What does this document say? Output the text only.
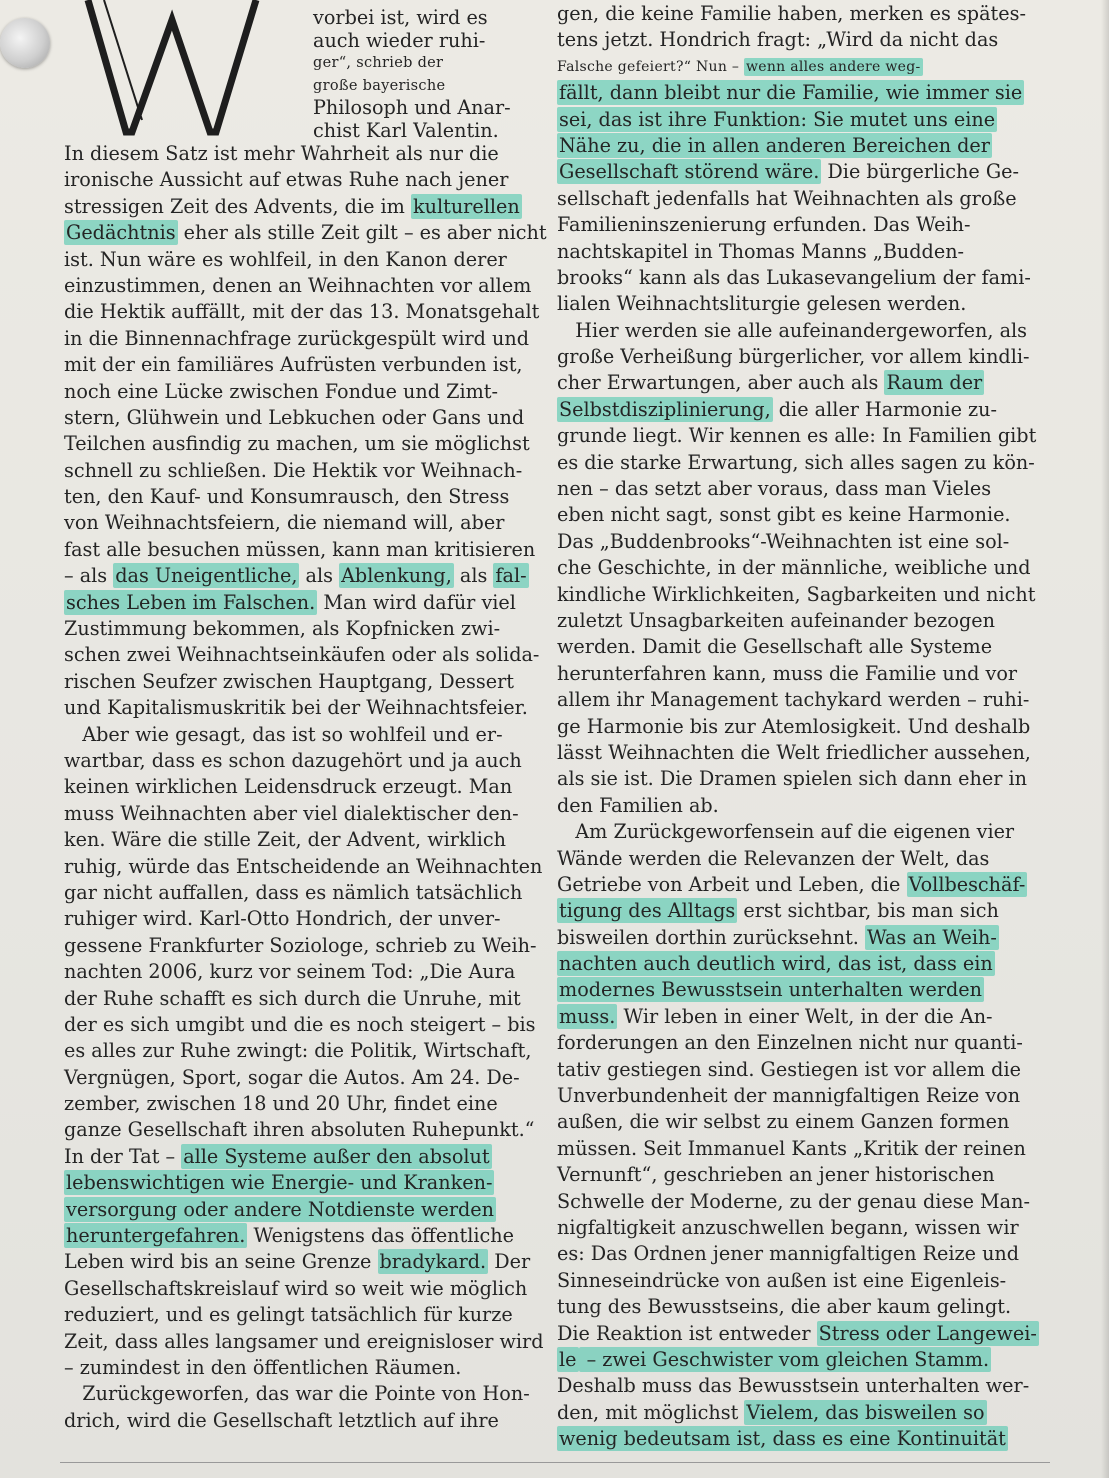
vorbei ist, wird es
auch wieder ruhi-
ger“, schrieb der
große bayerische
Philosoph und Anar-
chist Karl Valentin.
In diesem Satz ist mehr Wahrheit als nur die
ironische Aussicht auf etwas Ruhe nach jener
stressigen Zeit des Advents, die im kulturellen
Gedächtnis eher als stille Zeit gilt – es aber nicht
ist. Nun wäre es wohlfeil, in den Kanon derer
einzustimmen, denen an Weihnachten vor allem
die Hektik auffällt, mit der das 13. Monatsgehalt
in die Binnennachfrage zurückgespült wird und
mit der ein familiäres Aufrüsten verbunden ist,
noch eine Lücke zwischen Fondue und Zimt-
stern, Glühwein und Lebkuchen oder Gans und
Teilchen ausfindig zu machen, um sie möglichst
schnell zu schließen. Die Hektik vor Weihnach-
ten, den Kauf- und Konsumrausch, den Stress
von Weihnachtsfeiern, die niemand will, aber
fast alle besuchen müssen, kann man kritisieren
– als das Uneigentliche, als Ablenkung, als fal-
sches Leben im Falschen. Man wird dafür viel
Zustimmung bekommen, als Kopfnicken zwi-
schen zwei Weihnachtseinkäufen oder als solida-
rischen Seufzer zwischen Hauptgang, Dessert
und Kapitalismuskritik bei der Weihnachtsfeier.
Aber wie gesagt, das ist so wohlfeil und er-
wartbar, dass es schon dazugehört und ja auch
keinen wirklichen Leidensdruck erzeugt. Man
muss Weihnachten aber viel dialektischer den-
ken. Wäre die stille Zeit, der Advent, wirklich
ruhig, würde das Entscheidende an Weihnachten
gar nicht auffallen, dass es nämlich tatsächlich
ruhiger wird. Karl-Otto Hondrich, der unver-
gessene Frankfurter Soziologe, schrieb zu Weih-
nachten 2006, kurz vor seinem Tod: „Die Aura
der Ruhe schafft es sich durch die Unruhe, mit
der es sich umgibt und die es noch steigert – bis
es alles zur Ruhe zwingt: die Politik, Wirtschaft,
Vergnügen, Sport, sogar die Autos. Am 24. De-
zember, zwischen 18 und 20 Uhr, findet eine
ganze Gesellschaft ihren absoluten Ruhepunkt.“
In der Tat – alle Systeme außer den absolut
lebenswichtigen wie Energie- und Kranken-
versorgung oder andere Notdienste werden
heruntergefahren. Wenigstens das öffentliche
Leben wird bis an seine Grenze bradykard. Der
Gesellschaftskreislauf wird so weit wie möglich
reduziert, und es gelingt tatsächlich für kurze
Zeit, dass alles langsamer und ereignisloser wird
– zumindest in den öffentlichen Räumen.
Zurückgeworfen, das war die Pointe von Hon-
drich, wird die Gesellschaft letztlich auf ihre
gen, die keine Familie haben, merken es spätes-
tens jetzt. Hondrich fragt: „Wird da nicht das
Falsche gefeiert?“ Nun – wenn alles andere weg-
fällt, dann bleibt nur die Familie, wie immer sie
sei, das ist ihre Funktion: Sie mutet uns eine
Nähe zu, die in allen anderen Bereichen der
Gesellschaft störend wäre. Die bürgerliche Ge-
sellschaft jedenfalls hat Weihnachten als große
Familieninszenierung erfunden. Das Weih-
nachtskapitel in Thomas Manns „Budden-
brooks“ kann als das Lukasevangelium der fami-
lialen Weihnachtsliturgie gelesen werden.
Hier werden sie alle aufeinandergeworfen, als
große Verheißung bürgerlicher, vor allem kindli-
cher Erwartungen, aber auch als Raum der
Selbstdisziplinierung, die aller Harmonie zu-
grunde liegt. Wir kennen es alle: In Familien gibt
es die starke Erwartung, sich alles sagen zu kön-
nen – das setzt aber voraus, dass man Vieles
eben nicht sagt, sonst gibt es keine Harmonie.
Das „Buddenbrooks“-Weihnachten ist eine sol-
che Geschichte, in der männliche, weibliche und
kindliche Wirklichkeiten, Sagbarkeiten und nicht
zuletzt Unsagbarkeiten aufeinander bezogen
werden. Damit die Gesellschaft alle Systeme
herunterfahren kann, muss die Familie und vor
allem ihr Management tachykard werden – ruhi-
ge Harmonie bis zur Atemlosigkeit. Und deshalb
lässt Weihnachten die Welt friedlicher aussehen,
als sie ist. Die Dramen spielen sich dann eher in
den Familien ab.
Am Zurückgeworfensein auf die eigenen vier
Wände werden die Relevanzen der Welt, das
Getriebe von Arbeit und Leben, die Vollbeschäf-
tigung des Alltags erst sichtbar, bis man sich
bisweilen dorthin zurücksehnt. Was an Weih-
nachten auch deutlich wird, das ist, dass ein
modernes Bewusstsein unterhalten werden
muss. Wir leben in einer Welt, in der die An-
forderungen an den Einzelnen nicht nur quanti-
tativ gestiegen sind. Gestiegen ist vor allem die
Unverbundenheit der mannigfaltigen Reize von
außen, die wir selbst zu einem Ganzen formen
müssen. Seit Immanuel Kants „Kritik der reinen
Vernunft“, geschrieben an jener historischen
Schwelle der Moderne, zu der genau diese Man-
nigfaltigkeit anzuschwellen begann, wissen wir
es: Das Ordnen jener mannigfaltigen Reize und
Sinneseindrücke von außen ist eine Eigenleis-
tung des Bewusstseins, die aber kaum gelingt.
Die Reaktion ist entweder Stress oder Langewei-
le – zwei Geschwister vom gleichen Stamm.
Deshalb muss das Bewusstsein unterhalten wer-
den, mit möglichst Vielem, das bisweilen so
wenig bedeutsam ist, dass es eine Kontinuität
